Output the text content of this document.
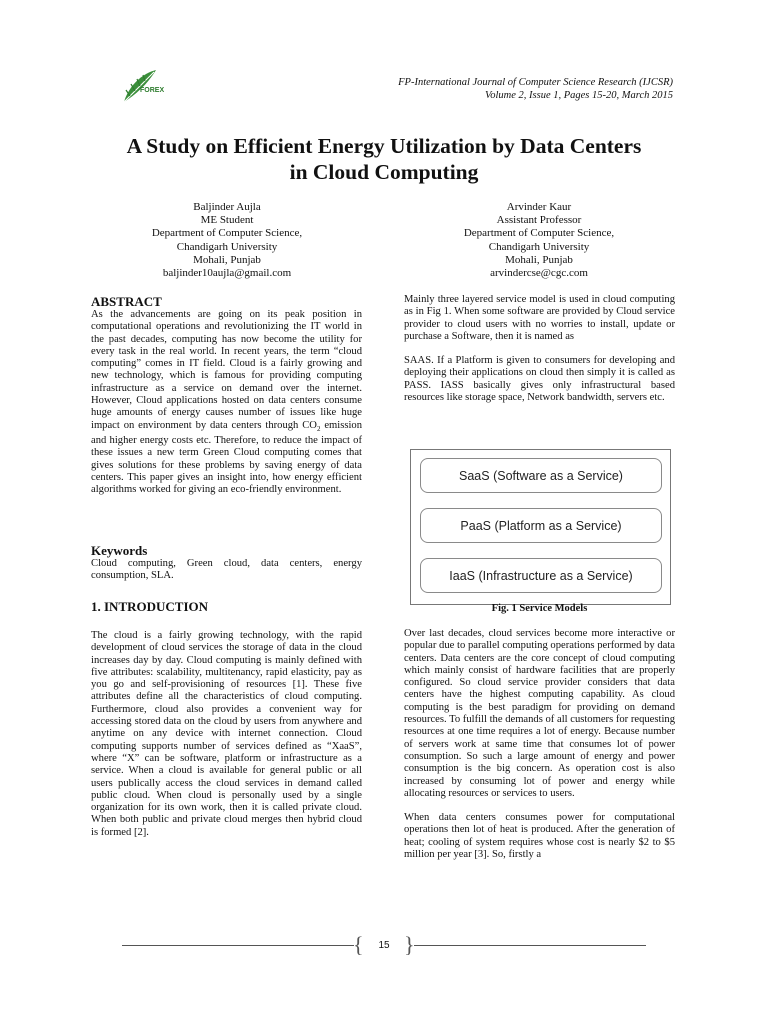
FOREX
FP-International Journal of Computer Science Research (IJCSR)
Volume 2, Issue 1, Pages 15-20, March 2015
A Study on Efficient Energy Utilization by Data Centers
in Cloud Computing
Baljinder Aujla
ME Student
Department of Computer Science,
Chandigarh University
Mohali, Punjab
baljinder10aujla@gmail.com
Arvinder Kaur
Assistant Professor
Department of Computer Science,
Chandigarh University
Mohali, Punjab
arvindercse@cgc.com
ABSTRACT

As the advancements are going on its peak position in computational operations and revolutionizing the IT world in the past decades, computing has now become the utility for every task in the real world. In recent years, the term “cloud computing” comes in IT field. Cloud is a fairly growing and new technology, which is famous for providing computing infrastructure as a service on demand over the internet. However, Cloud applications hosted on data centers consume huge amounts of energy causes number of issues like huge impact on environment by data centers through $CO_2$ emission and higher energy costs etc. Therefore, to reduce the impact of these issues a new term Green Cloud computing comes that gives solutions for these problems by saving energy of data centers. This paper gives an insight into, how energy efficient algorithms worked for giving an eco-friendly environment.

Keywords

Cloud computing, Green cloud, data centers, energy consumption, SLA.

1. INTRODUCTION

The cloud is a fairly growing technology, with the rapid development of cloud services the storage of data in the cloud increases day by day. Cloud computing is mainly defined with five attributes: scalability, multitenancy, rapid elasticity, pay as you go and self-provisioning of resources [1]. These five attributes define all the characteristics of cloud computing. Furthermore, cloud also provides a convenient way for accessing stored data on the cloud by users from anywhere and anytime on any device with internet connection. Cloud computing supports number of services defined as “XaaS”, where “X” can be software, platform or infrastructure as a service. When a cloud is available for general public or all users publically access the cloud services in demand called public cloud. When cloud is personally used by a single organization for its own work, then it is called private cloud. When both public and private cloud merges then hybrid cloud is formed [2].

Mainly three layered service model is used in cloud computing as in Fig 1. When some software are provided by Cloud service provider to cloud users with no worries to install, update or purchase a Software, then it is named as

SAAS. If a Platform is given to consumers for developing and deploying their applications on cloud then simply it is called as PASS. IASS basically gives only infrastructural based resources like storage space, Network bandwidth, servers etc.

SaaS (Software as a Service)
PaaS (Platform as a Service)
IaaS (Infrastructure as a Service)
Fig. 1 Service Models

Over last decades, cloud services become more interactive or popular due to parallel computing operations performed by data centers. Data centers are the core concept of cloud computing which mainly consist of hardware facilities that are properly configured. So cloud service provider considers that data centers have the highest computing capability. As cloud computing is the best paradigm for providing on demand resources. To fulfill the demands of all customers for requesting resources at one time requires a lot of energy. Because number of servers work at same time that consumes lot of power consumption. So such a large amount of energy and power consumption is the big concern. As operation cost is also increased by consuming lot of power and energy while allocating resources or services to users.

When data centers consumes power for computational operations then lot of heat is produced. After the generation of heat; cooling of system requires whose cost is nearly $2 to $5 million per year [3]. So, firstly a

{ }
15
